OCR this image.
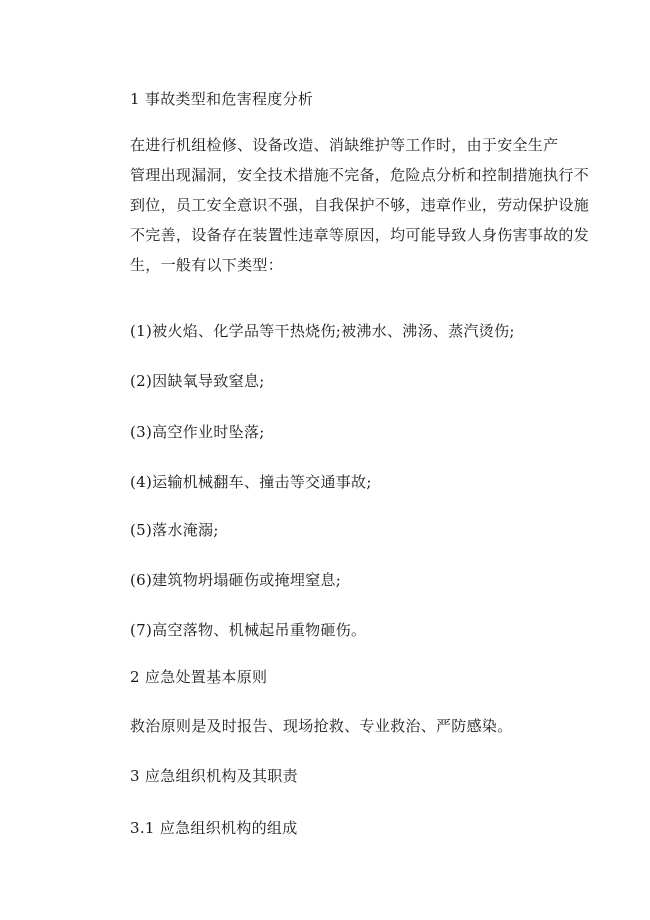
1 事故类型和危害程度分析
在进行机组检修、设备改造、消缺维护等工作时，由于安全生产
管理出现漏洞，安全技术措施不完备，危险点分析和控制措施执行不
到位，员工安全意识不强，自我保护不够，违章作业，劳动保护设施
不完善，设备存在装置性违章等原因，均可能导致人身伤害事故的发
生，一般有以下类型：
(1)被火焰、化学品等干热烧伤;被沸水、沸汤、蒸汽烫伤;
(2)因缺氧导致窒息;
(3)高空作业时坠落;
(4)运输机械翻车、撞击等交通事故;
(5)落水淹溺;
(6)建筑物坍塌砸伤或掩埋窒息;
(7)高空落物、机械起吊重物砸伤。
2 应急处置基本原则
救治原则是及时报告、现场抢救、专业救治、严防感染。
3 应急组织机构及其职责
3.1 应急组织机构的组成
